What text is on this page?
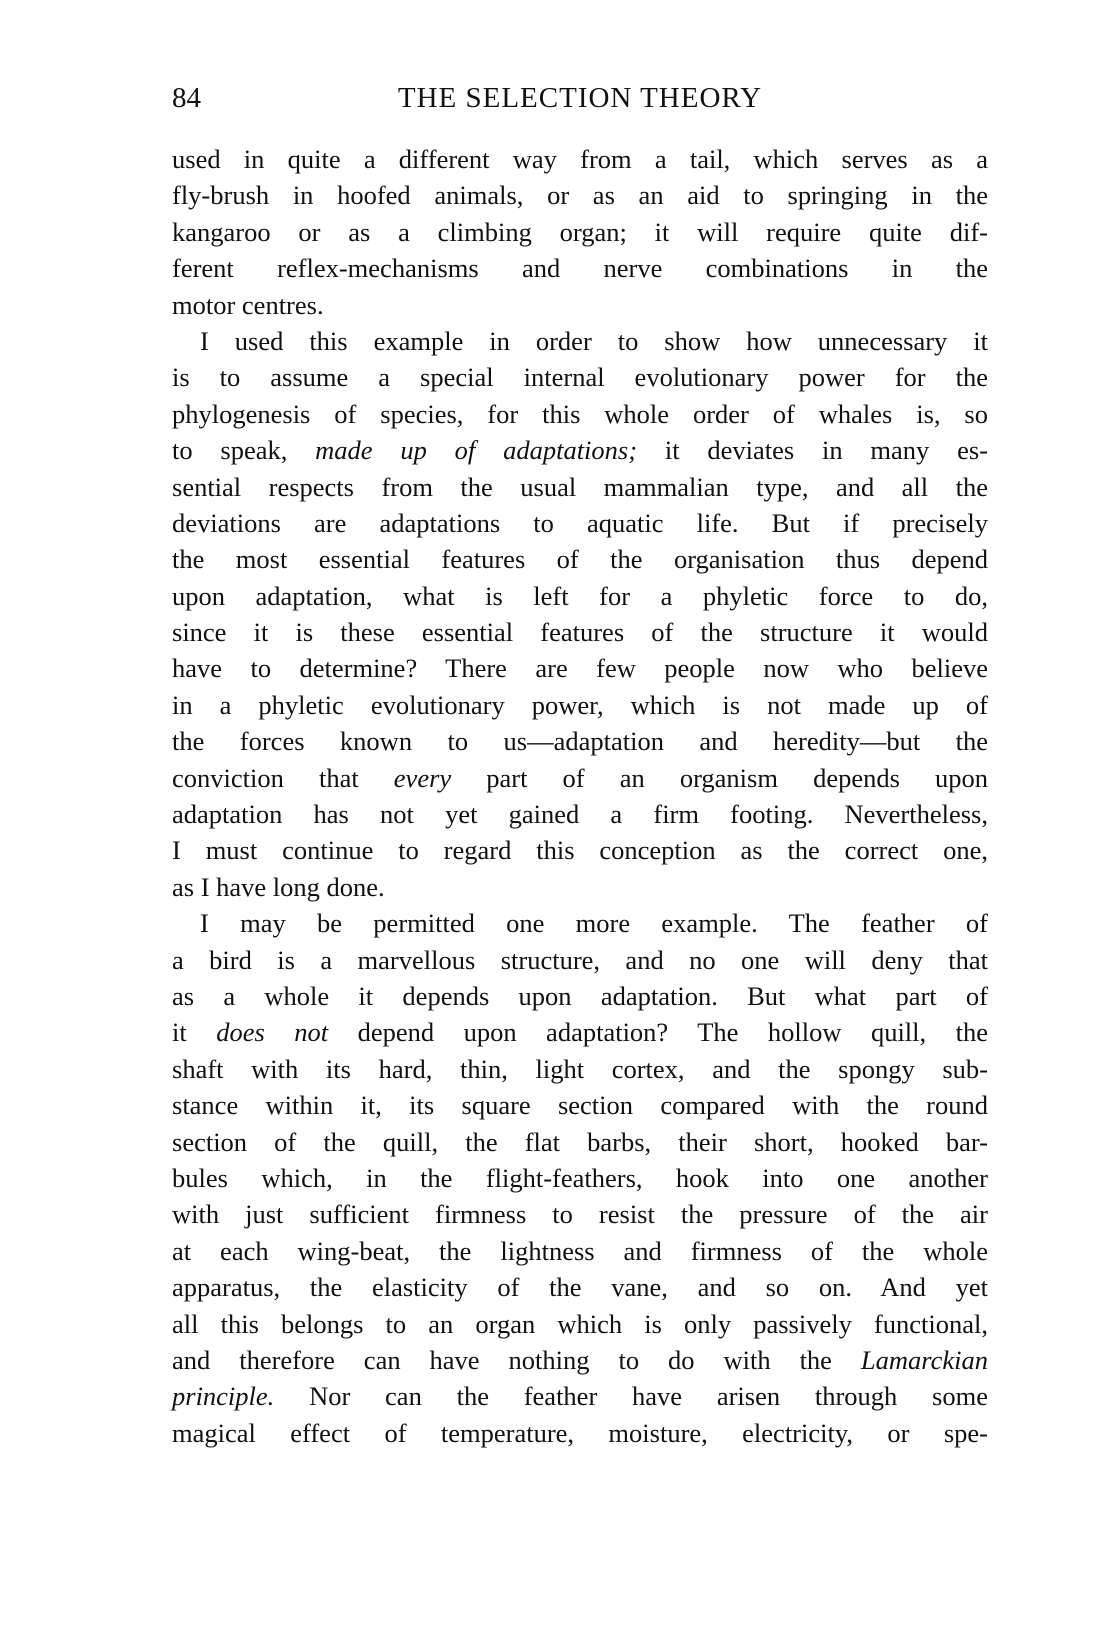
84	THE SELECTION THEORY
used in quite a different way from a tail, which serves as a
fly-brush in hoofed animals, or as an aid to springing in the
kangaroo or as a climbing organ; it will require quite dif-
ferent reflex-mechanisms and nerve combinations in the
motor centres.
I used this example in order to show how unnecessary it
is to assume a special internal evolutionary power for the
phylogenesis of species, for this whole order of whales is, so
to speak, made up of adaptations; it deviates in many es-
sential respects from the usual mammalian type, and all the
deviations are adaptations to aquatic life. But if precisely
the most essential features of the organisation thus depend
upon adaptation, what is left for a phyletic force to do,
since it is these essential features of the structure it would
have to determine? There are few people now who believe
in a phyletic evolutionary power, which is not made up of
the forces known to us—adaptation and heredity—but the
conviction that every part of an organism depends upon
adaptation has not yet gained a firm footing. Nevertheless,
I must continue to regard this conception as the correct one,
as I have long done.
I may be permitted one more example. The feather of
a bird is a marvellous structure, and no one will deny that
as a whole it depends upon adaptation. But what part of
it does not depend upon adaptation? The hollow quill, the
shaft with its hard, thin, light cortex, and the spongy sub-
stance within it, its square section compared with the round
section of the quill, the flat barbs, their short, hooked bar-
bules which, in the flight-feathers, hook into one another
with just sufficient firmness to resist the pressure of the air
at each wing-beat, the lightness and firmness of the whole
apparatus, the elasticity of the vane, and so on. And yet
all this belongs to an organ which is only passively functional,
and therefore can have nothing to do with the Lamarckian
principle. Nor can the feather have arisen through some
magical effect of temperature, moisture, electricity, or spe-
